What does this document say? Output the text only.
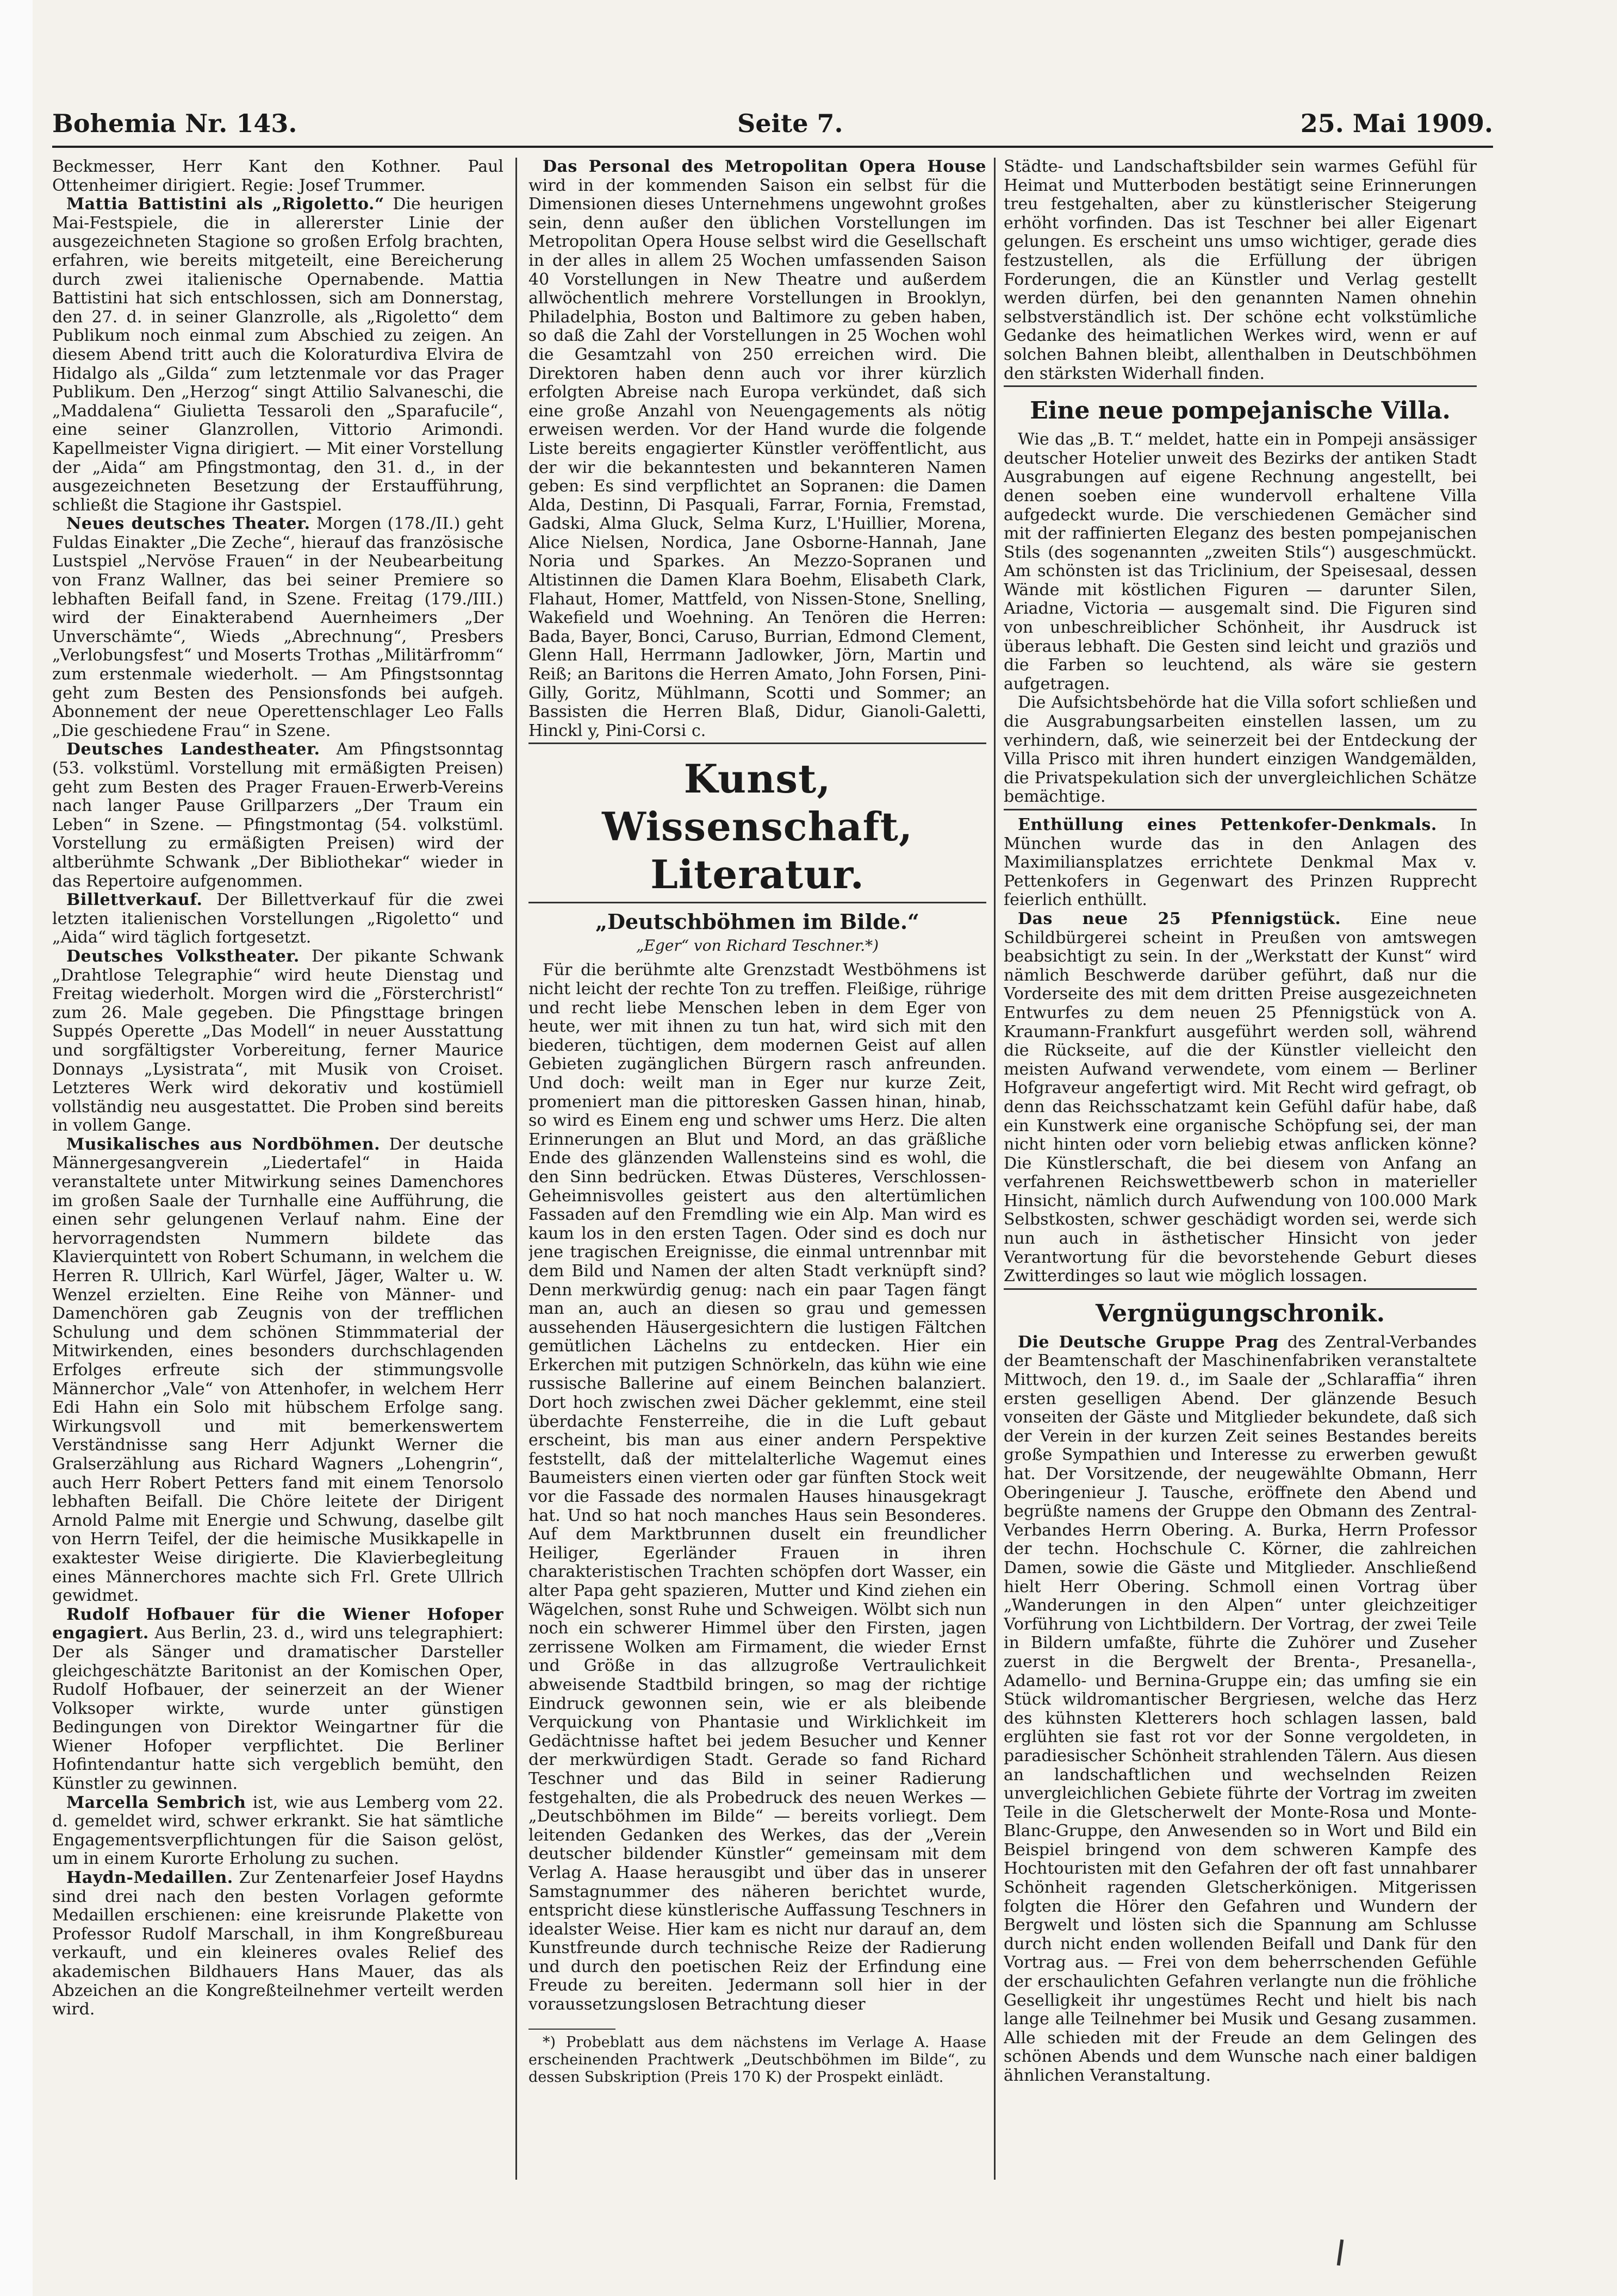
Bohemia Nr. 143.	Seite 7.	25. Mai 1909.

Beckmesser, Herr Kant den Kothner. Paul Ottenheimer dirigiert. Regie: Josef Trummer.

Mattia Battistini als „Rigoletto.“ Die heurigen Mai-Festspiele, die in allererster Linie der ausgezeichneten Stagione so großen Erfolg brachten, erfahren, wie bereits mitgeteilt, eine Bereicherung durch zwei italienische Opernabende. Mattia Battistini hat sich entschlossen, sich am Donnerstag, den 27. d. in seiner Glanzrolle, als „Rigoletto“ dem Publikum noch einmal zum Abschied zu zeigen. An diesem Abend tritt auch die Koloraturdiva Elvira de Hidalgo als „Gilda“ zum letztenmale vor das Prager Publikum. Den „Herzog“ singt Attilio Salvaneschi, die „Maddalena“ Giulietta Tessaroli den „Sparafucile“, eine seiner Glanzrollen, Vittorio Arimondi. Kapellmeister Vigna dirigiert. — Mit einer Vorstellung der „Aida“ am Pfingstmontag, den 31. d., in der ausgezeichneten Besetzung der Erstaufführung, schließt die Stagione ihr Gastspiel.

Neues deutsches Theater. Morgen (178./II.) geht Fuldas Einakter „Die Zeche“, hierauf das französische Lustspiel „Nervöse Frauen“ in der Neubearbeitung von Franz Wallner, das bei seiner Premiere so lebhaften Beifall fand, in Szene. Freitag (179./III.) wird der Einakterabend Auernheimers „Der Unverschämte“, Wieds „Abrechnung“, Presbers „Verlobungsfest“ und Moserts Trothas „Militärfromm“ zum erstenmale wiederholt. — Am Pfingstsonntag geht zum Besten des Pensionsfonds bei aufgeh. Abonnement der neue Operettenschlager Leo Falls „Die geschiedene Frau“ in Szene.

Deutsches Landestheater. Am Pfingstsonntag (53. volkstüml. Vorstellung mit ermäßigten Preisen) geht zum Besten des Prager Frauen-Erwerb-Vereins nach langer Pause Grillparzers „Der Traum ein Leben“ in Szene. — Pfingstmontag (54. volkstüml. Vorstellung zu ermäßigten Preisen) wird der altberühmte Schwank „Der Bibliothekar“ wieder in das Repertoire aufgenommen.

Billettverkauf. Der Billettverkauf für die zwei letzten italienischen Vorstellungen „Rigoletto“ und „Aida“ wird täglich fortgesetzt.

Deutsches Volkstheater. Der pikante Schwank „Drahtlose Telegraphie“ wird heute Dienstag und Freitag wiederholt. Morgen wird die „Försterchristl“ zum 26. Male gegeben. Die Pfingsttage bringen Suppés Operette „Das Modell“ in neuer Ausstattung und sorgfältigster Vorbereitung, ferner Maurice Donnays „Lysistrata“, mit Musik von Croiset. Letzteres Werk wird dekorativ und kostümiell vollständig neu ausgestattet. Die Proben sind bereits in vollem Gange.

Musikalisches aus Nordböhmen. Der deutsche Männergesangverein „Liedertafel“ in Haida veranstaltete unter Mitwirkung seines Damenchores im großen Saale der Turnhalle eine Aufführung, die einen sehr gelungenen Verlauf nahm. Eine der hervorragendsten Nummern bildete das Klavierquintett von Robert Schumann, in welchem die Herren R. Ullrich, Karl Würfel, Jäger, Walter u. W. Wenzel erzielten. Eine Reihe von Männer- und Damenchören gab Zeugnis von der trefflichen Schulung und dem schönen Stimmmaterial der Mitwirkenden, eines besonders durchschlagenden Erfolges erfreute sich der stimmungsvolle Männerchor „Vale“ von Attenhofer, in welchem Herr Edi Hahn ein Solo mit hübschem Erfolge sang. Wirkungsvoll und mit bemerkenswertem Verständnisse sang Herr Adjunkt Werner die Gralserzählung aus Richard Wagners „Lohengrin“, auch Herr Robert Petters fand mit einem Tenorsolo lebhaften Beifall. Die Chöre leitete der Dirigent Arnold Palme mit Energie und Schwung, daselbe gilt von Herrn Teifel, der die heimische Musikkapelle in exaktester Weise dirigierte. Die Klavierbegleitung eines Männerchores machte sich Frl. Grete Ullrich gewidmet.

Rudolf Hofbauer für die Wiener Hofoper engagiert. Aus Berlin, 23. d., wird uns telegraphiert: Der als Sänger und dramatischer Darsteller gleichgeschätzte Baritonist an der Komischen Oper, Rudolf Hofbauer, der seinerzeit an der Wiener Volksoper wirkte, wurde unter günstigen Bedingungen von Direktor Weingartner für die Wiener Hofoper verpflichtet. Die Berliner Hofintendantur hatte sich vergeblich bemüht, den Künstler zu gewinnen.

Marcella Sembrich ist, wie aus Lemberg vom 22. d. gemeldet wird, schwer erkrankt. Sie hat sämtliche Engagementsverpflichtungen für die Saison gelöst, um in einem Kurorte Erholung zu suchen.

Haydn-Medaillen. Zur Zentenarfeier Josef Haydns sind drei nach den besten Vorlagen geformte Medaillen erschienen: eine kreisrunde Plakette von Professor Rudolf Marschall, in ihm Kongreßbureau verkauft, und ein kleineres ovales Relief des akademischen Bildhauers Hans Mauer, das als Abzeichen an die Kongreßteilnehmer verteilt werden wird.

Das Personal des Metropolitan Opera House wird in der kommenden Saison ein selbst für die Dimensionen dieses Unternehmens ungewohnt großes sein, denn außer den üblichen Vorstellungen im Metropolitan Opera House selbst wird die Gesellschaft in der alles in allem 25 Wochen umfassenden Saison 40 Vorstellungen in New Theatre und außerdem allwöchentlich mehrere Vorstellungen in Brooklyn, Philadelphia, Boston und Baltimore zu geben haben, so daß die Zahl der Vorstellungen in 25 Wochen wohl die Gesamtzahl von 250 erreichen wird. Die Direktoren haben denn auch vor ihrer kürzlich erfolgten Abreise nach Europa verkündet, daß sich eine große Anzahl von Neuengagements als nötig erweisen werden. Vor der Hand wurde die folgende Liste bereits engagierter Künstler veröffentlicht, aus der wir die bekanntesten und bekannteren Namen geben: Es sind verpflichtet an Sopranen: die Damen Alda, Destinn, Di Pasquali, Farrar, Fornia, Fremstad, Gadski, Alma Gluck, Selma Kurz, L'Huillier, Morena, Alice Nielsen, Nordica, Jane Osborne-Hannah, Jane Noria und Sparkes. An Mezzo-Sopranen und Altistinnen die Damen Klara Boehm, Elisabeth Clark, Flahaut, Homer, Mattfeld, von Nissen-Stone, Snelling, Wakefield und Woehning. An Tenören die Herren: Bada, Bayer, Bonci, Caruso, Burrian, Edmond Clement, Glenn Hall, Herrmann Jadlowker, Jörn, Martin und Reiß; an Baritons die Herren Amato, John Forsen, Pini-Gilly, Goritz, Mühlmann, Scotti und Sommer; an Bassisten die Herren Blaß, Didur, Gianoli-Galetti, Hinckl y, Pini-Corsi c.

Kunst, Wissenschaft, Literatur.
„Deutschböhmen im Bilde.“
„Eger“ von Richard Teschner.*)

Für die berühmte alte Grenzstadt Westböhmens ist nicht leicht der rechte Ton zu treffen. Fleißige, rührige und recht liebe Menschen leben in dem Eger von heute, wer mit ihnen zu tun hat, wird sich mit den biederen, tüchtigen, dem modernen Geist auf allen Gebieten zugänglichen Bürgern rasch anfreunden. Und doch: weilt man in Eger nur kurze Zeit, promeniert man die pittoresken Gassen hinan, hinab, so wird es Einem eng und schwer ums Herz. Die alten Erinnerungen an Blut und Mord, an das gräßliche Ende des glänzenden Wallensteins sind es wohl, die den Sinn bedrücken. Etwas Düsteres, Verschlossen-Geheimnisvolles geistert aus den altertümlichen Fassaden auf den Fremdling wie ein Alp. Man wird es kaum los in den ersten Tagen. Oder sind es doch nur jene tragischen Ereignisse, die einmal untrennbar mit dem Bild und Namen der alten Stadt verknüpft sind? Denn merkwürdig genug: nach ein paar Tagen fängt man an, auch an diesen so grau und gemessen aussehenden Häusergesichtern die lustigen Fältchen gemütlichen Lächelns zu entdecken. Hier ein Erkerchen mit putzigen Schnörkeln, das kühn wie eine russische Ballerine auf einem Beinchen balanziert. Dort hoch zwischen zwei Dächer geklemmt, eine steil überdachte Fensterreihe, die in die Luft gebaut erscheint, bis man aus einer andern Perspektive feststellt, daß der mittelalterliche Wagemut eines Baumeisters einen vierten oder gar fünften Stock weit vor die Fassade des normalen Hauses hinausgekragt hat. Und so hat noch manches Haus sein Besonderes. Auf dem Marktbrunnen duselt ein freundlicher Heiliger, Egerländer Frauen in ihren charakteristischen Trachten schöpfen dort Wasser, ein alter Papa geht spazieren, Mutter und Kind ziehen ein Wägelchen, sonst Ruhe und Schweigen. Wölbt sich nun noch ein schwerer Himmel über den Firsten, jagen zerrissene Wolken am Firmament, die wieder Ernst und Größe in das allzugroße Vertraulichkeit abweisende Stadtbild bringen, so mag der richtige Eindruck gewonnen sein, wie er als bleibende Verquickung von Phantasie und Wirklichkeit im Gedächtnisse haftet bei jedem Besucher und Kenner der merkwürdigen Stadt. Gerade so fand Richard Teschner und das Bild in seiner Radierung festgehalten, die als Probedruck des neuen Werkes — „Deutschböhmen im Bilde“ — bereits vorliegt. Dem leitenden Gedanken des Werkes, das der „Verein deutscher bildender Künstler“ gemeinsam mit dem Verlag A. Haase herausgibt und über das in unserer Samstagnummer des näheren berichtet wurde, entspricht diese künstlerische Auffassung Teschners in idealster Weise. Hier kam es nicht nur darauf an, dem Kunstfreunde durch technische Reize der Radierung und durch den poetischen Reiz der Erfindung eine Freude zu bereiten. Jedermann soll hier in der voraussetzungslosen Betrachtung dieser

*) Probeblatt aus dem nächstens im Verlage A. Haase erscheinenden Prachtwerk „Deutschböhmen im Bilde“, zu dessen Subskription (Preis 170 K) der Prospekt einlädt.

Städte- und Landschaftsbilder sein warmes Gefühl für Heimat und Mutterboden bestätigt seine Erinnerungen treu festgehalten, aber zu künstlerischer Steigerung erhöht vorfinden. Das ist Teschner bei aller Eigenart gelungen. Es erscheint uns umso wichtiger, gerade dies festzustellen, als die Erfüllung der übrigen Forderungen, die an Künstler und Verlag gestellt werden dürfen, bei den genannten Namen ohnehin selbstverständlich ist. Der schöne echt volkstümliche Gedanke des heimatlichen Werkes wird, wenn er auf solchen Bahnen bleibt, allenthalben in Deutschböhmen den stärksten Widerhall finden.

Eine neue pompejanische Villa.

Wie das „B. T.“ meldet, hatte ein in Pompeji ansässiger deutscher Hotelier unweit des Bezirks der antiken Stadt Ausgrabungen auf eigene Rechnung angestellt, bei denen soeben eine wundervoll erhaltene Villa aufgedeckt wurde. Die verschiedenen Gemächer sind mit der raffinierten Eleganz des besten pompejanischen Stils (des sogenannten „zweiten Stils“) ausgeschmückt. Am schönsten ist das Triclinium, der Speisesaal, dessen Wände mit köstlichen Figuren — darunter Silen, Ariadne, Victoria — ausgemalt sind. Die Figuren sind von unbeschreiblicher Schönheit, ihr Ausdruck ist überaus lebhaft. Die Gesten sind leicht und graziös und die Farben so leuchtend, als wäre sie gestern aufgetragen.

Die Aufsichtsbehörde hat die Villa sofort schließen und die Ausgrabungsarbeiten einstellen lassen, um zu verhindern, daß, wie seinerzeit bei der Entdeckung der Villa Prisco mit ihren hundert einzigen Wandgemälden, die Privatspekulation sich der unvergleichlichen Schätze bemächtige.

Enthüllung eines Pettenkofer-Denkmals. In München wurde das in den Anlagen des Maximiliansplatzes errichtete Denkmal Max v. Pettenkofers in Gegenwart des Prinzen Rupprecht feierlich enthüllt.

Das neue 25 Pfennigstück. Eine neue Schildbürgerei scheint in Preußen von amtswegen beabsichtigt zu sein. In der „Werkstatt der Kunst“ wird nämlich Beschwerde darüber geführt, daß nur die Vorderseite des mit dem dritten Preise ausgezeichneten Entwurfes zu dem neuen 25 Pfennigstück von A. Kraumann-Frankfurt ausgeführt werden soll, während die Rückseite, auf die der Künstler vielleicht den meisten Aufwand verwendete, vom einem — Berliner Hofgraveur angefertigt wird. Mit Recht wird gefragt, ob denn das Reichsschatzamt kein Gefühl dafür habe, daß ein Kunstwerk eine organische Schöpfung sei, der man nicht hinten oder vorn beliebig etwas anflicken könne? Die Künstlerschaft, die bei diesem von Anfang an verfahrenen Reichswettbewerb schon in materieller Hinsicht, nämlich durch Aufwendung von 100.000 Mark Selbstkosten, schwer geschädigt worden sei, werde sich nun auch in ästhetischer Hinsicht von jeder Verantwortung für die bevorstehende Geburt dieses Zwitterdinges so laut wie möglich lossagen.

Vergnügungschronik.

Die Deutsche Gruppe Prag des Zentral-Verbandes der Beamtenschaft der Maschinenfabriken veranstaltete Mittwoch, den 19. d., im Saale der „Schlaraffia“ ihren ersten geselligen Abend. Der glänzende Besuch vonseiten der Gäste und Mitglieder bekundete, daß sich der Verein in der kurzen Zeit seines Bestandes bereits große Sympathien und Interesse zu erwerben gewußt hat. Der Vorsitzende, der neugewählte Obmann, Herr Oberingenieur J. Tausche, eröffnete den Abend und begrüßte namens der Gruppe den Obmann des Zentral-Verbandes Herrn Obering. A. Burka, Herrn Professor der techn. Hochschule C. Körner, die zahlreichen Damen, sowie die Gäste und Mitglieder. Anschließend hielt Herr Obering. Schmoll einen Vortrag über „Wanderungen in den Alpen“ unter gleichzeitiger Vorführung von Lichtbildern. Der Vortrag, der zwei Teile in Bildern umfaßte, führte die Zuhörer und Zuseher zuerst in die Bergwelt der Brenta-, Presanella-, Adamello- und Bernina-Gruppe ein; das umfing sie ein Stück wildromantischer Bergriesen, welche das Herz des kühnsten Kletterers hoch schlagen lassen, bald erglühten sie fast rot vor der Sonne vergoldeten, in paradiesischer Schönheit strahlenden Tälern. Aus diesen an landschaftlichen und wechselnden Reizen unvergleichlichen Gebiete führte der Vortrag im zweiten Teile in die Gletscherwelt der Monte-Rosa und Monte-Blanc-Gruppe, den Anwesenden so in Wort und Bild ein Beispiel bringend von dem schweren Kampfe des Hochtouristen mit den Gefahren der oft fast unnahbarer Schönheit ragenden Gletscherkönigen. Mitgerissen folgten die Hörer den Gefahren und Wundern der Bergwelt und lösten sich die Spannung am Schlusse durch nicht enden wollenden Beifall und Dank für den Vortrag aus. — Frei von dem beherrschenden Gefühle der erschaulichten Gefahren verlangte nun die fröhliche Geselligkeit ihr ungestümes Recht und hielt bis nach lange alle Teilnehmer bei Musik und Gesang zusammen. Alle schieden mit der Freude an dem Gelingen des schönen Abends und dem Wunsche nach einer baldigen ähnlichen Veranstaltung.
